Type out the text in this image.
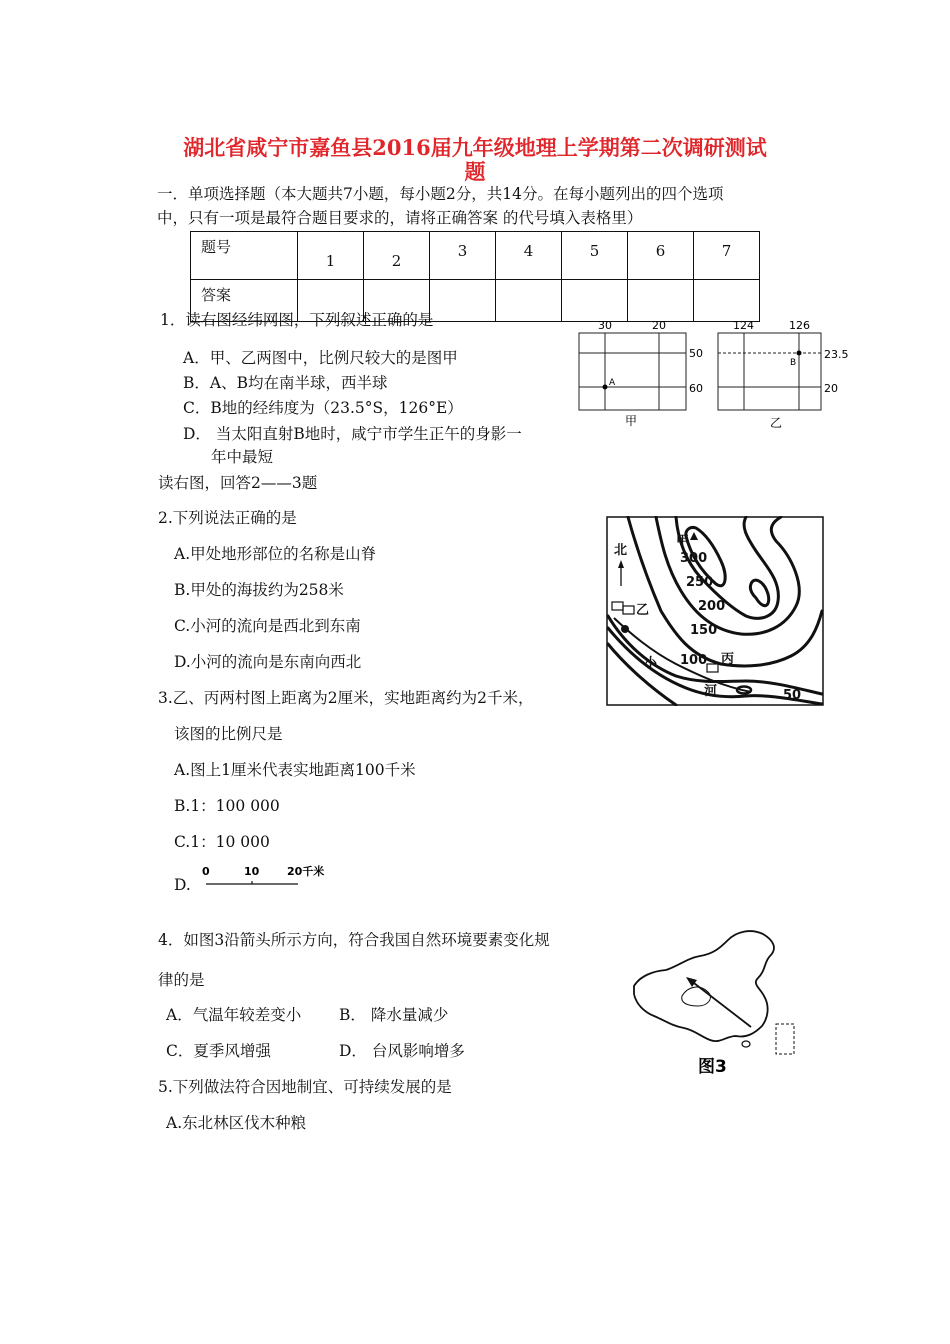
湖北省咸宁市嘉鱼县2016届九年级地理上学期第二次调研测试
题
一．单项选择题（本大题共7小题，每小题2分，共14分。在每小题列出的四个选项
中，只有一项是最符合题目要求的，请将正确答案 的代号填入表格里）
题号	1	2	3	4	5	6	7
答案							
1．读右图经纬网图，下列叙述正确的是
A．甲、乙两图中，比例尺较大的是图甲
B．A、B均在南半球，西半球
C．B地的经纬度为（23.5°S，126°E）
D． 当太阳直射B地时，咸宁市学生正午的身影一
年中最短
30	20
50
60
A
甲
124	126
23.5
20
B
乙
读右图，回答2——3题
2.下列说法正确的是
A.甲处地形部位的名称是山脊
B.甲处的海拔约为258米
C.小河的流向是西北到东南
D.小河的流向是东南向西北
北
甲
300
250
200
150
100
50
乙
丙
小
河
3.乙、丙两村图上距离为2厘米，实地距离约为2千米，
该图的比例尺是
A.图上1厘米代表实地距离100千米
B.1：100 000
C.1：10 000
D.
0	10	20千米
4．如图3沿箭头所示方向，符合我国自然环境要素变化规
律的是
A．气温年较差变小 B． 降水量减少
C．夏季风增强	D． 台风影响增多
图3
5.下列做法符合因地制宜、可持续发展的是
A.东北林区伐木种粮
